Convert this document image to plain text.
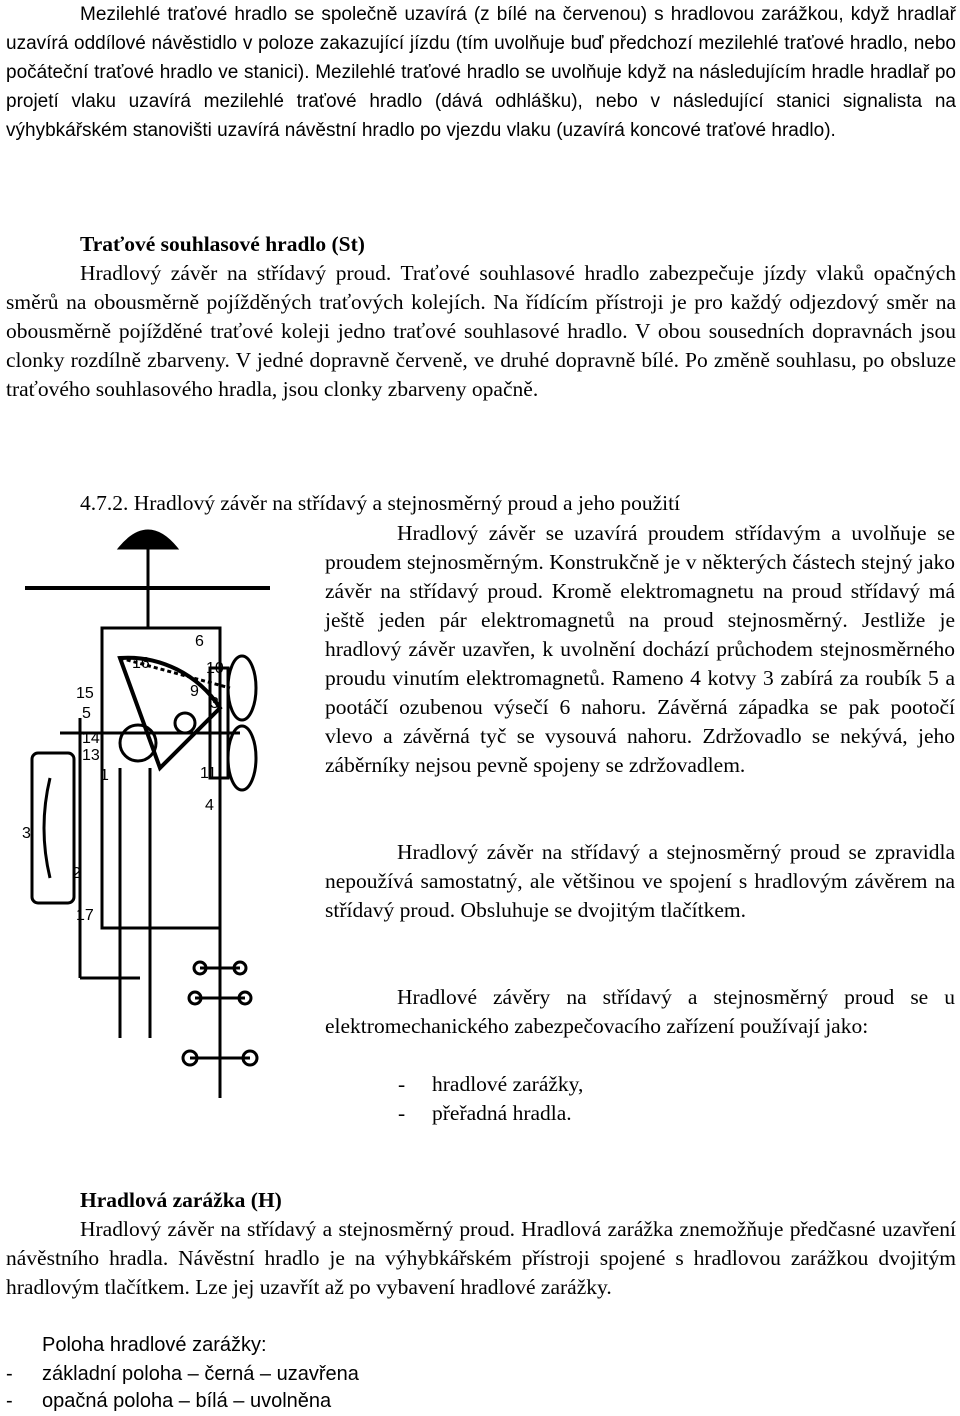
Mezilehlé traťové hradlo se společně uzavírá (z bílé na červenou) s hradlovou zarážkou, když hradlař uzavírá oddílové návěstidlo v poloze zakazující jízdu (tím uvolňuje buď předchozí mezilehlé traťové hradlo, nebo počáteční traťové hradlo ve stanici). Mezilehlé traťové hradlo se uvolňuje když na následujícím hradle hradlař po projetí vlaku uzavírá mezilehlé traťové hradlo (dává odhlášku), nebo v následující stanici signalista na výhybkářském stanovišti uzavírá návěstní hradlo po vjezdu vlaku (uzavírá koncové traťové hradlo).
Traťové souhlasové hradlo (St)
Hradlový závěr na střídavý proud. Traťové souhlasové hradlo zabezpečuje jízdy vlaků opačných směrů na obousměrně pojížděných traťových kolejích. Na řídícím přístroji je pro každý odjezdový směr na obousměrně pojížděné traťové koleji jedno traťové souhlasové hradlo. V obou sousedních dopravnách jsou clonky rozdílně zbarveny. V jedné dopravně červeně, ve druhé dopravně bílé. Po změně souhlasu, po obsluze traťového souhlasového hradla, jsou clonky zbarveny opačně.
4.7.2. Hradlový závěr na střídavý a stejnosměrný proud a jeho použití
Hradlový závěr se uzavírá proudem střídavým a uvolňuje se proudem stejnosměrným. Konstrukčně je v některých částech stejný jako závěr na střídavý proud. Kromě elektromagnetu na proud střídavý má ještě jeden pár elektromagnetů na proud stejnosměrný. Jestliže je hradlový závěr uzavřen, k uvolnění dochází průchodem stejnosměrného proudu vinutím elektromagnetů. Rameno 4 kotvy 3 zabírá za roubík 5 a pootáčí ozubenou výsečí 6 nahoru. Závěrná západka se pak pootočí vlevo a závěrná tyč se vysouvá nahoru. Zdržovadlo se nekývá, jeho záběrníky nejsou pevně spojeny se zdržovadlem.
Hradlový závěr na střídavý a stejnosměrný proud se zpravidla nepoužívá samostatný, ale většinou ve spojení s hradlovým závěrem na střídavý proud. Obsluhuje se dvojitým tlačítkem.
Hradlové závěry na střídavý a stejnosměrný proud se u elektromechanického zabezpečovacího zařízení používají jako:
- hradlové zarážky,
- přeřadná hradla.
6
16	10
9
3
15
5
14
13
1	11
4
3
2
17
Hradlová zarážka (H)
Hradlový závěr na střídavý a stejnosměrný proud. Hradlová zarážka znemožňuje předčasné uzavření návěstního hradla. Návěstní hradlo je na výhybkářském přístroji spojené s hradlovou zarážkou dvojitým hradlovým tlačítkem. Lze jej uzavřít až po vybavení hradlové zarážky.
Poloha hradlové zarážky:
- základní poloha – černá – uzavřena
- opačná poloha – bílá – uvolněna
